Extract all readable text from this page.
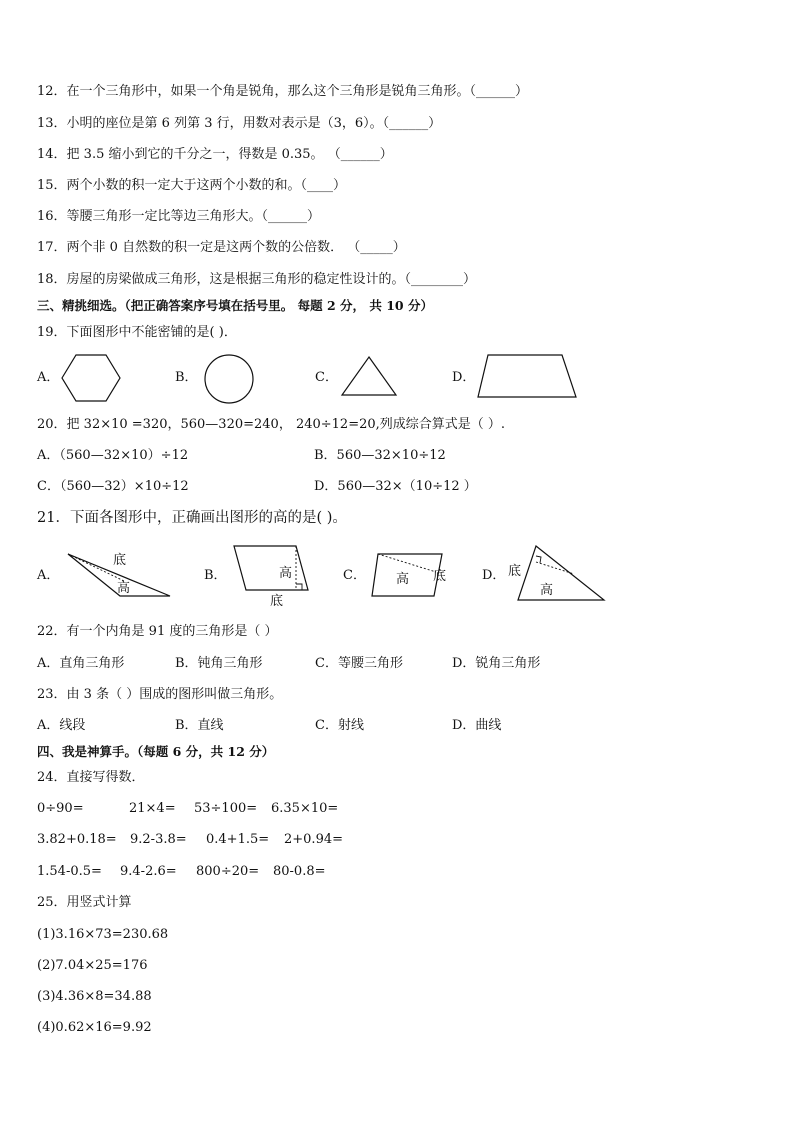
12．在一个三角形中，如果一个角是锐角，那么这个三角形是锐角三角形。（______）
13．小明的座位是第 6 列第 3 行，用数对表示是（3，6）。（______）
14．把 3.5 缩小到它的千分之一，得数是 0.35。 （______）
15．两个小数的积一定大于这两个小数的和。（____）
16．等腰三角形一定比等边三角形大。（______）
17．两个非 0 自然数的积一定是这两个数的公倍数． （_____）
18．房屋的房梁做成三角形，这是根据三角形的稳定性设计的。（________）
三、精挑细选。（把正确答案序号填在括号里。 每题 2 分， 共 10 分）
19．下面图形中不能密铺的是( )．
A．	B．	C．	D．
20．把 32×10 =320，560—320=240， 240÷12=20,列成综合算式是（ ）.
A．（560—32×10）÷12	B．560—32×10÷12
C．（560—32）×10÷12	D．560—32×（10÷12 ）
21．下面各图形中，正确画出图形的高的是( )。
A．	B．	C．	D．
底
高
高
底
高 底	底
高
22．有一个内角是 91 度的三角形是（ ）
A．直角三角形	B．钝角三角形	C．等腰三角形	D．锐角三角形
23．由 3 条（ ）围成的图形叫做三角形。
A．线段	B．直线	C．射线	D．曲线
四、我是神算手。（每题 6 分，共 12 分）
24．直接写得数．
0÷90=	21×4= 53÷100= 6.35×10=
3.82+0.18= 9.2-3.8= 0.4+1.5= 2+0.94=
1.54-0.5= 9.4-2.6= 800÷20= 80-0.8=
25．用竖式计算
(1)3.16×73=230.68
(2)7.04×25=176
(3)4.36×8=34.88
(4)0.62×16=9.92
